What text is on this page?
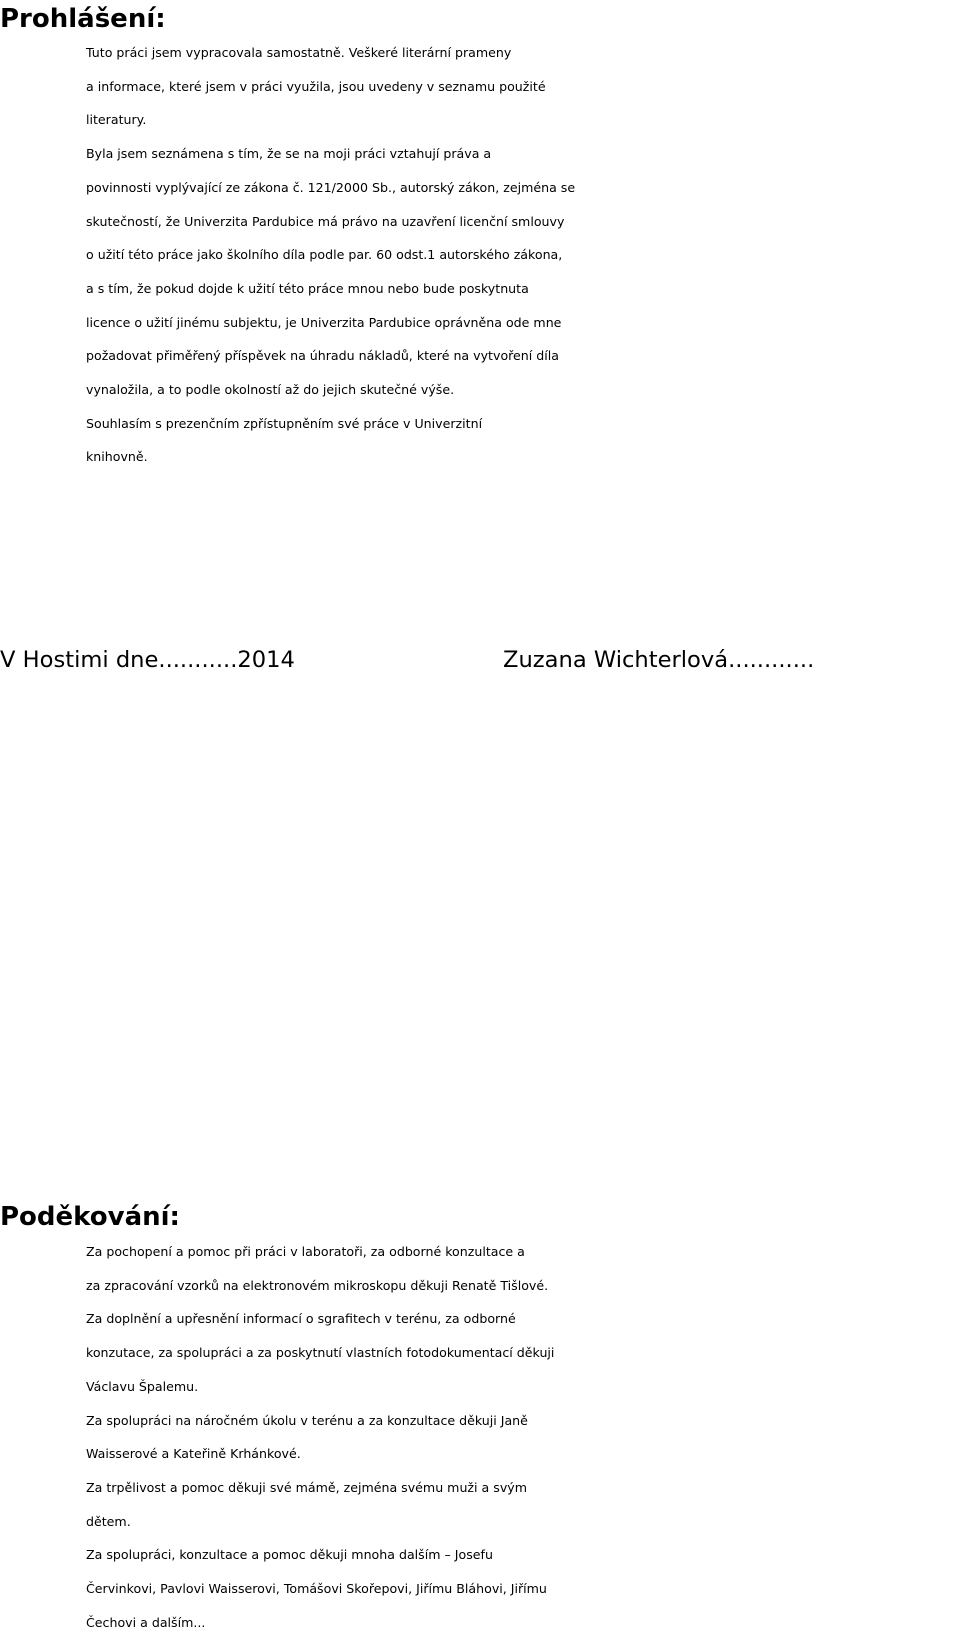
Prohlášení:

Tuto práci jsem vypracovala samostatně. Veškeré literární prameny
a informace, které jsem v práci využila, jsou uvedeny v seznamu použité
literatury.

Byla jsem seznámena s tím, že se na moji práci vztahují práva a
povinnosti vyplývající ze zákona č. 121/2000 Sb., autorský zákon, zejména se
skutečností, že Univerzita Pardubice má právo na uzavření licenční smlouvy
o užití této práce jako školního díla podle par. 60 odst.1 autorského zákona,
a s tím, že pokud dojde k užití této práce mnou nebo bude poskytnuta
licence o užití jinému subjektu, je Univerzita Pardubice oprávněna ode mne
požadovat přiměřený příspěvek na úhradu nákladů, které na vytvoření díla
vynaložila, a to podle okolností až do jejich skutečné výše.

Souhlasím s prezenčním zpřístupněním své práce v Univerzitní
knihovně.

V Hostimi dne...........2014	Zuzana Wichterlová............

Poděkování:

Za pochopení a pomoc při práci v laboratoři, za odborné konzultace a
za zpracování vzorků na elektronovém mikroskopu děkuji Renatě Tišlové.

Za doplnění a upřesnění informací o sgrafitech v terénu, za odborné
konzutace, za spolupráci a za poskytnutí vlastních fotodokumentací děkuji
Václavu Špalemu.

Za spolupráci na náročném úkolu v terénu a za konzultace děkuji Janě
Waisserové a Kateřině Krhánkové.

Za trpělivost a pomoc děkuji své mámě, zejména svému muži a svým
dětem.

Za spolupráci, konzultace a pomoc děkuji mnoha dalším – Josefu
Červinkovi, Pavlovi Waisserovi, Tomášovi Skořepovi, Jiřímu Bláhovi, Jiřímu
Čechovi a dalším...
